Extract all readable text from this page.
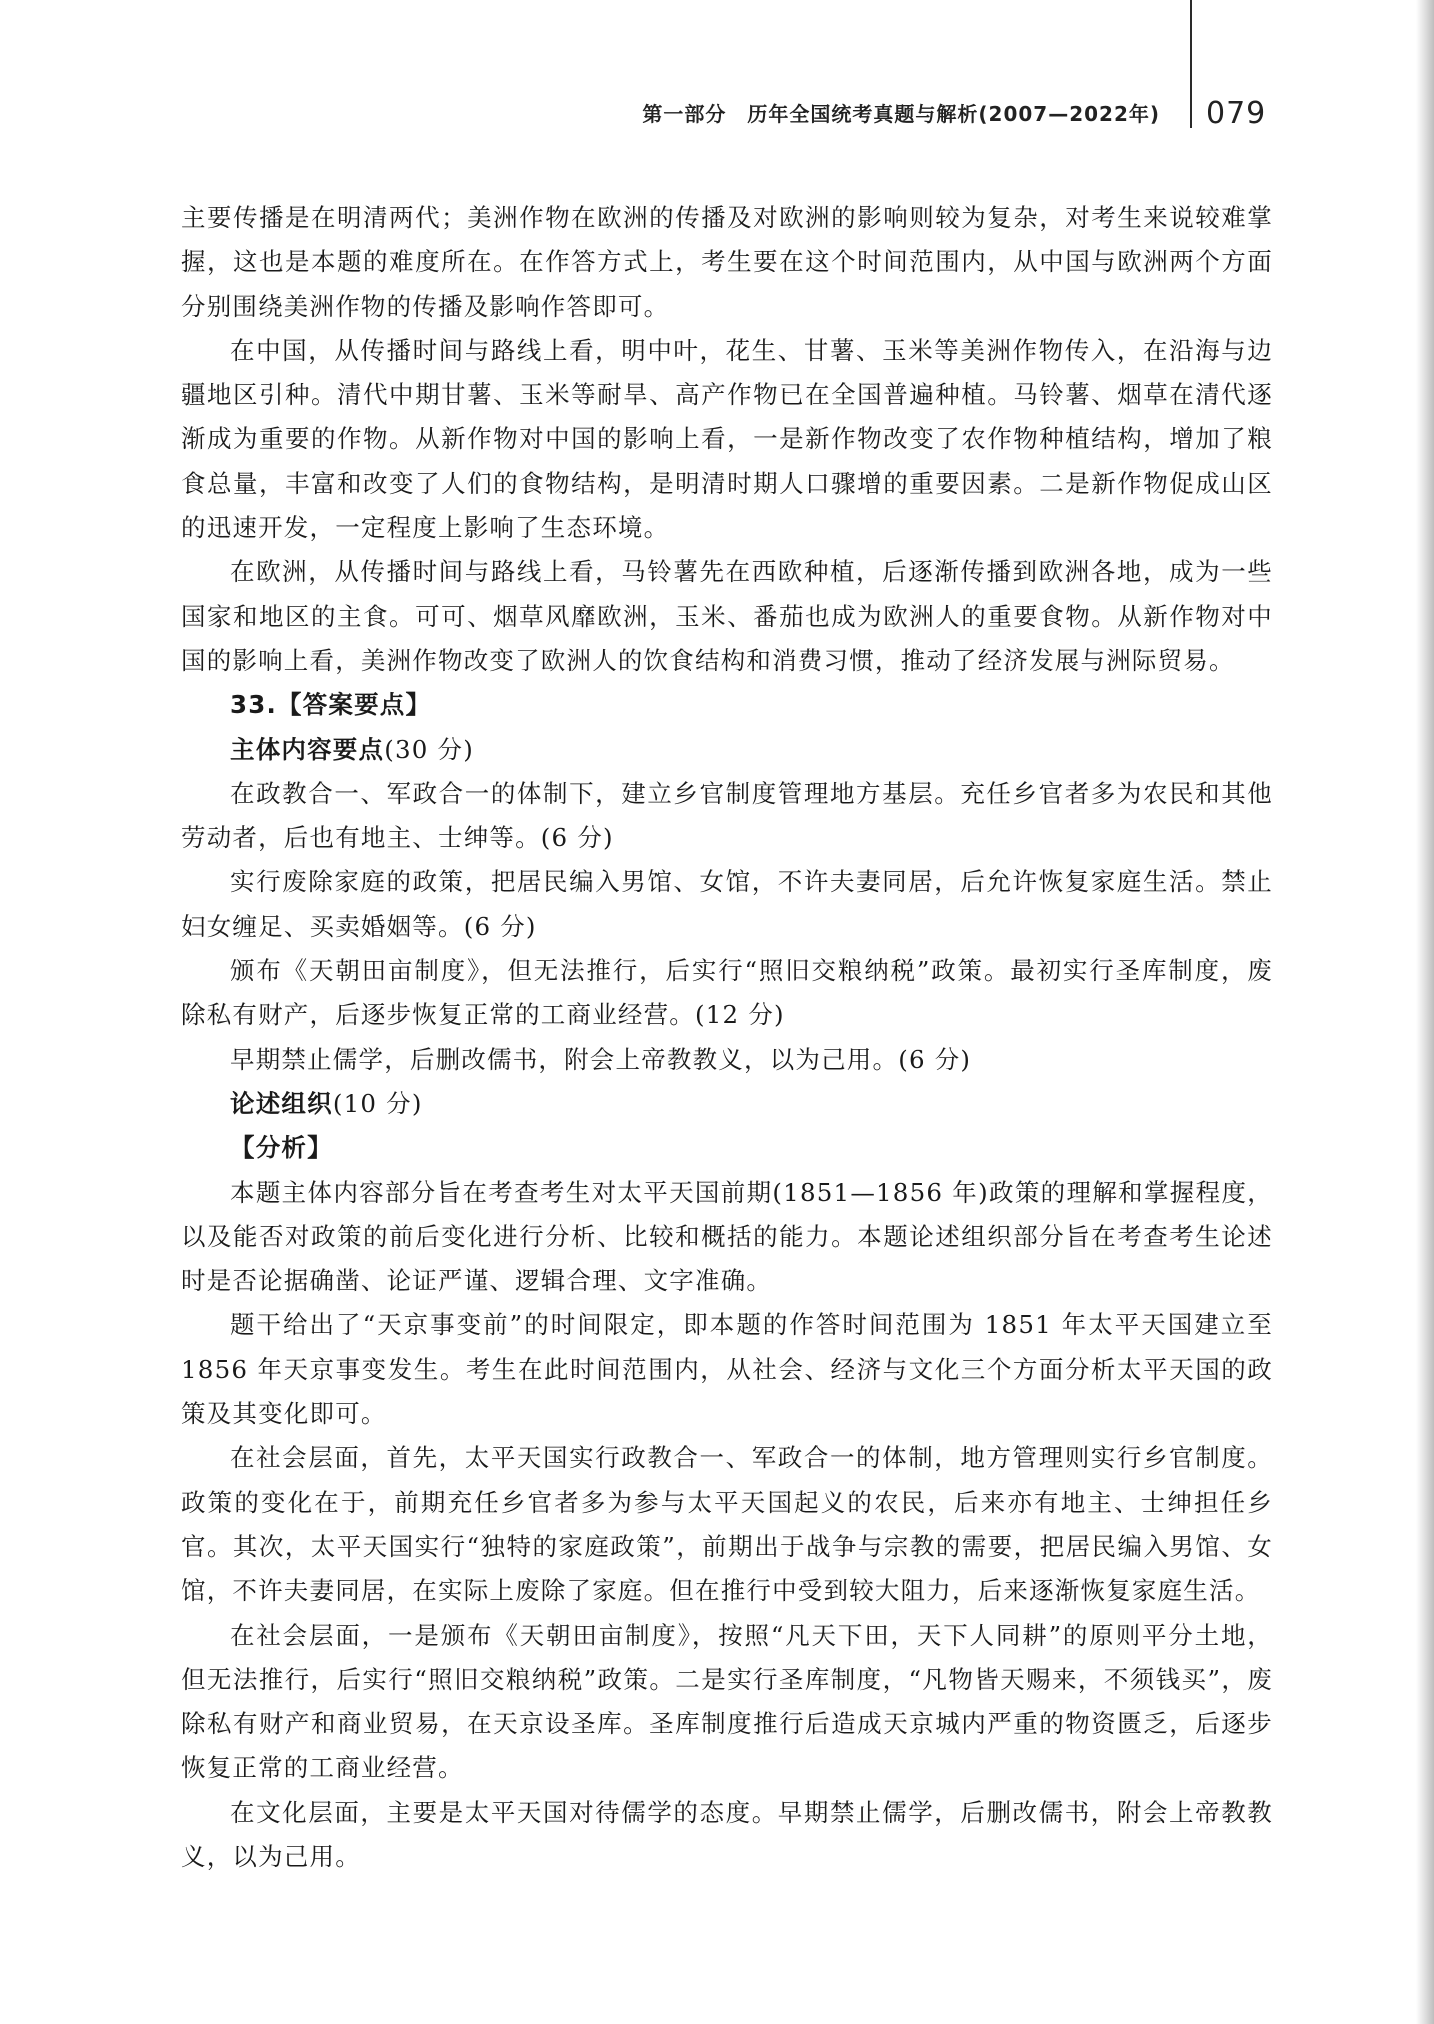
第一部分　历年全国统考真题与解析(2007—2022年) 079

主要传播是在明清两代；美洲作物在欧洲的传播及对欧洲的影响则较为复杂，对考生来说较难掌握，这也是本题的难度所在。在作答方式上，考生要在这个时间范围内，从中国与欧洲两个方面分别围绕美洲作物的传播及影响作答即可。

在中国，从传播时间与路线上看，明中叶，花生、甘薯、玉米等美洲作物传入，在沿海与边疆地区引种。清代中期甘薯、玉米等耐旱、高产作物已在全国普遍种植。马铃薯、烟草在清代逐渐成为重要的作物。从新作物对中国的影响上看，一是新作物改变了农作物种植结构，增加了粮食总量，丰富和改变了人们的食物结构，是明清时期人口骤增的重要因素。二是新作物促成山区的迅速开发，一定程度上影响了生态环境。

在欧洲，从传播时间与路线上看，马铃薯先在西欧种植，后逐渐传播到欧洲各地，成为一些国家和地区的主食。可可、烟草风靡欧洲，玉米、番茄也成为欧洲人的重要食物。从新作物对中国的影响上看，美洲作物改变了欧洲人的饮食结构和消费习惯，推动了经济发展与洲际贸易。

33.【答案要点】

主体内容要点(30 分)

在政教合一、军政合一的体制下，建立乡官制度管理地方基层。充任乡官者多为农民和其他劳动者，后也有地主、士绅等。(6 分)

实行废除家庭的政策，把居民编入男馆、女馆，不许夫妻同居，后允许恢复家庭生活。禁止妇女缠足、买卖婚姻等。(6 分)

颁布《天朝田亩制度》，但无法推行，后实行“照旧交粮纳税”政策。最初实行圣库制度，废除私有财产，后逐步恢复正常的工商业经营。(12 分)

早期禁止儒学，后删改儒书，附会上帝教教义，以为己用。(6 分)

论述组织(10 分)

【分析】

本题主体内容部分旨在考查考生对太平天国前期(1851—1856 年)政策的理解和掌握程度，以及能否对政策的前后变化进行分析、比较和概括的能力。本题论述组织部分旨在考查考生论述时是否论据确凿、论证严谨、逻辑合理、文字准确。

题干给出了“天京事变前”的时间限定，即本题的作答时间范围为 1851 年太平天国建立至 1856 年天京事变发生。考生在此时间范围内，从社会、经济与文化三个方面分析太平天国的政策及其变化即可。

在社会层面，首先，太平天国实行政教合一、军政合一的体制，地方管理则实行乡官制度。政策的变化在于，前期充任乡官者多为参与太平天国起义的农民，后来亦有地主、士绅担任乡官。其次，太平天国实行“独特的家庭政策”，前期出于战争与宗教的需要，把居民编入男馆、女馆，不许夫妻同居，在实际上废除了家庭。但在推行中受到较大阻力，后来逐渐恢复家庭生活。

在社会层面，一是颁布《天朝田亩制度》，按照“凡天下田，天下人同耕”的原则平分土地，但无法推行，后实行“照旧交粮纳税”政策。二是实行圣库制度，“凡物皆天赐来，不须钱买”，废除私有财产和商业贸易，在天京设圣库。圣库制度推行后造成天京城内严重的物资匮乏，后逐步恢复正常的工商业经营。

在文化层面，主要是太平天国对待儒学的态度。早期禁止儒学，后删改儒书，附会上帝教教义，以为己用。
